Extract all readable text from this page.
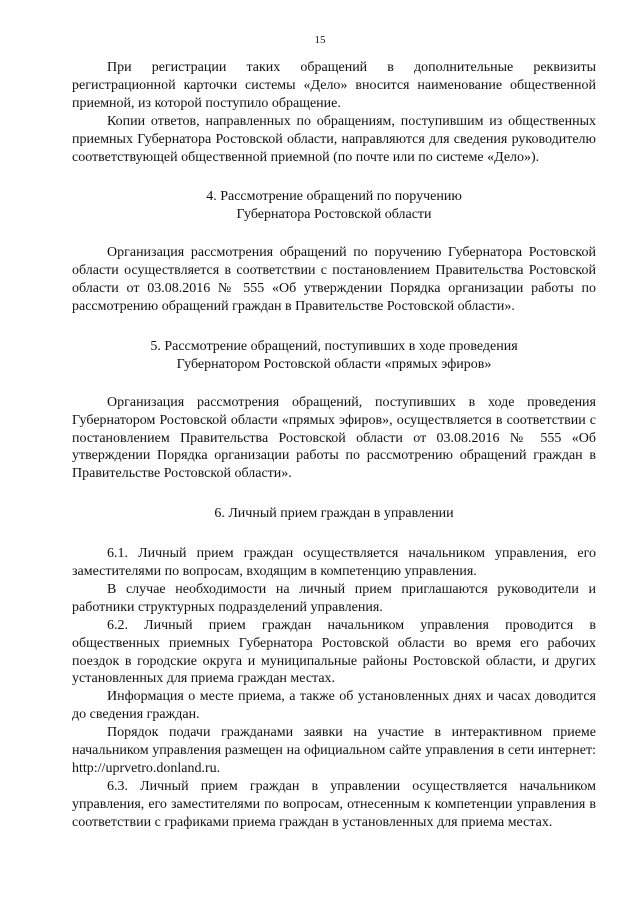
15

При регистрации таких обращений в дополнительные реквизиты регистрационной карточки системы «Дело» вносится наименование общественной приемной, из которой поступило обращение.

Копии ответов, направленных по обращениям, поступившим из общественных приемных Губернатора Ростовской области, направляются для сведения руководителю соответствующей общественной приемной (по почте или по системе «Дело»).

4. Рассмотрение обращений по поручению
Губернатора Ростовской области

Организация рассмотрения обращений по поручению Губернатора Ростовской области осуществляется в соответствии с постановлением Правительства Ростовской области от 03.08.2016 № 555 «Об утверждении Порядка организации работы по рассмотрению обращений граждан в Правительстве Ростовской области».

5. Рассмотрение обращений, поступивших в ходе проведения
Губернатором Ростовской области «прямых эфиров»

Организация рассмотрения обращений, поступивших в ходе проведения Губернатором Ростовской области «прямых эфиров», осуществляется в соответствии с постановлением Правительства Ростовской области от 03.08.2016 № 555 «Об утверждении Порядка организации работы по рассмотрению обращений граждан в Правительстве Ростовской области».

6. Личный прием граждан в управлении

6.1. Личный прием граждан осуществляется начальником управления, его заместителями по вопросам, входящим в компетенцию управления.

В случае необходимости на личный прием приглашаются руководители и работники структурных подразделений управления.

6.2. Личный прием граждан начальником управления проводится в общественных приемных Губернатора Ростовской области во время его рабочих поездок в городские округа и муниципальные районы Ростовской области, и других установленных для приема граждан местах.

Информация о месте приема, а также об установленных днях и часах доводится до сведения граждан.

Порядок подачи гражданами заявки на участие в интерактивном приеме начальником управления размещен на официальном сайте управления в сети интернет: http://uprvetro.donland.ru.

6.3. Личный прием граждан в управлении осуществляется начальником управления, его заместителями по вопросам, отнесенным к компетенции управления в соответствии с графиками приема граждан в установленных для приема местах.
